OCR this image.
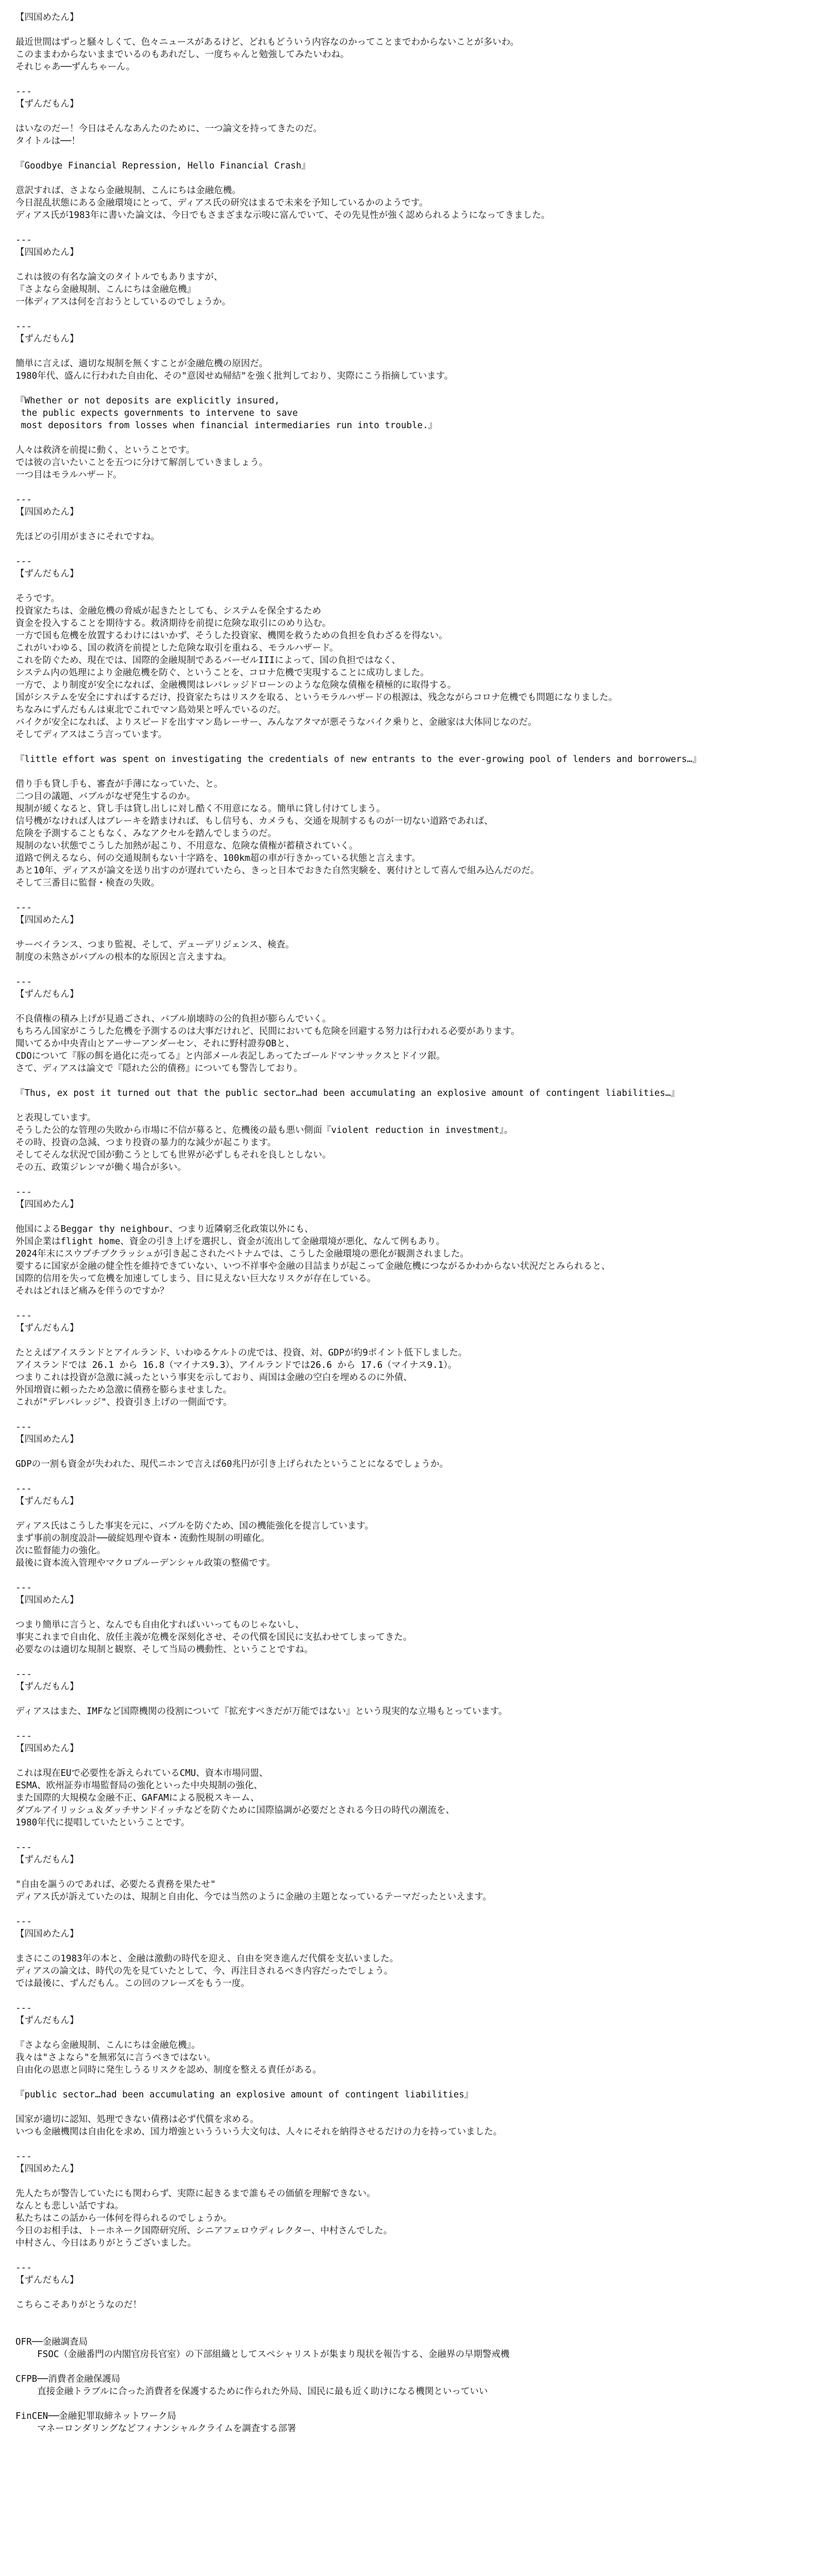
【四国めたん】
最近世間はずっと騒々しくて、色々ニュースがあるけど、どれもどういう内容なのかってことまでわからないことが多いわ。
このままわからないままでいるのもあれだし、一度ちゃんと勉強してみたいわね。
それじゃあ──ずんちゃーん。
---
【ずんだもん】
はいなのだー！今日はそんなあんたのために、一つ論文を持ってきたのだ。
タイトルは──！
『Goodbye Financial Repression, Hello Financial Crash』
意訳すれば、さよなら金融規制、こんにちは金融危機。
今日混乱状態にある金融環境にとって、ディアス氏の研究はまるで未来を予知しているかのようです。
ディアス氏が1983年に書いた論文は、今日でもさまざまな示唆に富んでいて、その先見性が強く認められるようになってきました。
---
【四国めたん】
これは彼の有名な論文のタイトルでもありますが、
『さよなら金融規制、こんにちは金融危機』
一体ディアスは何を言おうとしているのでしょうか。
---
【ずんだもん】
簡単に言えば、適切な規制を無くすことが金融危機の原因だ。
1980年代、盛んに行われた自由化、その"意図せぬ帰結"を強く批判しており、実際にこう指摘しています。
『Whether or not deposits are explicitly insured,
the public expects governments to intervene to save
most depositors from losses when financial intermediaries run into trouble.』
人々は救済を前提に動く、ということです。
では彼の言いたいことを五つに分けて解剖していきましょう。
一つ目はモラルハザード。
---
【四国めたん】
先ほどの引用がまさにそれですね。
---
【ずんだもん】
そうです。
投資家たちは、金融危機の脅威が起きたとしても、システムを保全するため
資金を投入することを期待する。救済期待を前提に危険な取引にのめり込む。
一方で国も危機を放置するわけにはいかず、そうした投資家、機関を救うための負担を負わざるを得ない。
これがいわゆる、国の救済を前提とした危険な取引を重ねる、モラルハザード。
これを防ぐため、現在では、国際的金融規制であるバーゼルIIIによって、国の負担ではなく、
システム内の処理により金融危機を防ぐ、ということを、コロナ危機で実現することに成功しました。
一方で、より制度が安全になれば、金融機関はレバレッジドローンのような危険な債権を積極的に取得する。
国がシステムを安全にすればするだけ、投資家たちはリスクを取る、というモラルハザードの根源は、残念ながらコロナ危機でも問題になりました。
ちなみにずんだもんは東北でこれでマン島効果と呼んでいるのだ。
バイクが安全になれば、よりスピードを出すマン島レーサー、みんなアタマが悪そうなバイク乗りと、金融家は大体同じなのだ。
そしてディアスはこう言っています。
『little effort was spent on investigating the credentials of new entrants to the ever-growing pool of lenders and borrowers…』
借り手も貸し手も、審査が手薄になっていた、と。
二つ目の議題、バブルがなぜ発生するのか。
規制が緩くなると、貸し手は貸し出しに対し酷く不用意になる。簡単に貸し付けてしまう。
信号機がなければ人はブレーキを踏まければ、もし信号も、カメラも、交通を規制するものが一切ない道路であれば、
危険を予測することもなく、みなアクセルを踏んでしまうのだ。
規制のない状態でこうした加熱が起こり、不用意な、危険な債権が蓄積されていく。
道路で例えるなら、何の交通規制もない十字路を、100km超の車が行きかっている状態と言えます。
あと10年、ディアスが論文を送り出すのが遅れていたら、きっと日本でおきた自然実験を、裏付けとして喜んで組み込んだのだ。
そして三番目に監督・検査の失敗。
---
【四国めたん】
サーベイランス、つまり監視、そして、デューデリジェンス、検査。
制度の未熟さがバブルの根本的な原因と言えますね。
---
【ずんだもん】
不良債権の積み上げが見過ごされ、バブル崩壊時の公的負担が膨らんでいく。
もちろん国家がこうした危機を予測するのは大事だけれど、民間においても危険を回避する努力は行われる必要があります。
聞いてるか中央青山とアーサーアンダーセン、それに野村證券OBと、
CDOについて『豚の餌を過化に売ってる』と内部メール表記しあってたゴールドマンサックスとドイツ銀。
さて、ディアスは論文で『隠れた公的債務』についても警告しており。
『Thus, ex post it turned out that the public sector…had been accumulating an explosive amount of contingent liabilities…』
と表現しています。
そうした公的な管理の失敗から市場に不信が募ると、危機後の最も悪い側面『violent reduction in investment』。
その時、投資の急減、つまり投資の暴力的な減少が起こります。
そしてそんな状況で国が動こうとしても世界が必ずしもそれを良しとしない。
その五、政策ジレンマが働く場合が多い。
---
【四国めたん】
他国によるBeggar thy neighbour、つまり近隣窮乏化政策以外にも、
外国企業はflight home、資金の引き上げを選択し、資金が流出して金融環境が悪化、なんて例もあり。
2024年末にスウプチプクラッシュが引き起こされたベトナムでは、こうした金融環境の悪化が観測されました。
要するに国家が金融の健全性を維持できていない、いつ不祥事や金融の目詰まりが起こって金融危機につながるかわからない状況だとみられると、
国際的信用を失って危機を加速してしまう、目に見えない巨大なリスクが存在している。
それはどれほど痛みを伴うのですか？
---
【ずんだもん】
たとえばアイスランドとアイルランド、いわゆるケルトの虎では、投資、対、GDPが約9ポイント低下しました。
アイスランドでは 26.1 から 16.8（マイナス9.3）、アイルランドでは26.6 から 17.6（マイナス9.1）。
つまりこれは投資が急激に減ったという事実を示しており、両国は金融の空白を埋めるのに外債、
外国増資に頼ったため急激に債務を膨らませました。
これが"デレバレッジ"、投資引き上げの一側面です。
---
【四国めたん】
GDPの一割も資金が失われた、現代ニホンで言えば60兆円が引き上げられたということになるでしょうか。
---
【ずんだもん】
ディアス氏はこうした事実を元に、バブルを防ぐため、国の機能強化を提言しています。
まず事前の制度設計──破綻処理や資本・流動性規制の明確化。
次に監督能力の強化。
最後に資本流入管理やマクロプルーデンシャル政策の整備です。
---
【四国めたん】
つまり簡単に言うと、なんでも自由化すればいいってものじゃないし、
事実これまで自由化、放任主義が危機を深刻化させ、その代償を国民に支払わせてしまってきた。
必要なのは適切な規制と観察、そして当局の機動性、ということですね。
---
【ずんだもん】
ディアスはまた、IMFなど国際機関の役割について『拡充すべきだが万能ではない』という現実的な立場もとっています。
---
【四国めたん】
これは現在EUで必要性を訴えられているCMU、資本市場同盟、
ESMA、欧州証券市場監督局の強化といった中央規制の強化、
また国際的大規模な金融不正、GAFAMによる脱税スキーム、
ダブルアイリッシュ＆ダッチサンドイッチなどを防ぐために国際協調が必要だとされる今日の時代の潮流を、
1980年代に提唱していたということです。
---
【ずんだもん】
"自由を謳うのであれば、必要たる責務を果たせ"
ディアス氏が訴えていたのは、規制と自由化、今では当然のように金融の主題となっているテーマだったといえます。
---
【四国めたん】
まさにこの1983年の本と、金融は激動の時代を迎え、自由を突き進んだ代償を支払いました。
ディアスの論文は、時代の先を見ていたとして、今、再注目されるべき内容だったでしょう。
では最後に、ずんだもん。この回のフレーズをもう一度。
---
【ずんだもん】
『さよなら金融規制、こんにちは金融危機』。
我々は"さよなら"を無邪気に言うべきではない。
自由化の恩恵と同時に発生しうるリスクを認め、制度を整える責任がある。
『public sector…had been accumulating an explosive amount of contingent liabilities』
国家が適切に認知、処理できない債務は必ず代償を求める。
いつも金融機関は自由化を求め、国力増強というういう大文句は、人々にそれを納得させるだけの力を持っていました。
---
【四国めたん】
先人たちが警告していたにも関わらず、実際に起きるまで誰もその価値を理解できない。
なんとも悲しい話ですね。
私たちはこの話から一体何を得られるのでしょうか。
今日のお相手は、トーホネーク国際研究所、シニアフェロウディレクター、中村さんでした。
中村さん、今日はありがとうございました。
---
【ずんだもん】
こちらこそありがとうなのだ！
OFR──金融調査局
FSOC（金融番門の内閣官房長官室）の下部組織としてスペシャリストが集まり現状を報告する、金融界の早期警戒機
CFPB──消費者金融保護局
直接金融トラブルに合った消費者を保護するために作られた外局、国民に最も近く助けになる機関といっていい
FinCEN──金融犯罪取締ネットワーク局
マネーロンダリングなどフィナンシャルクライムを調査する部署
